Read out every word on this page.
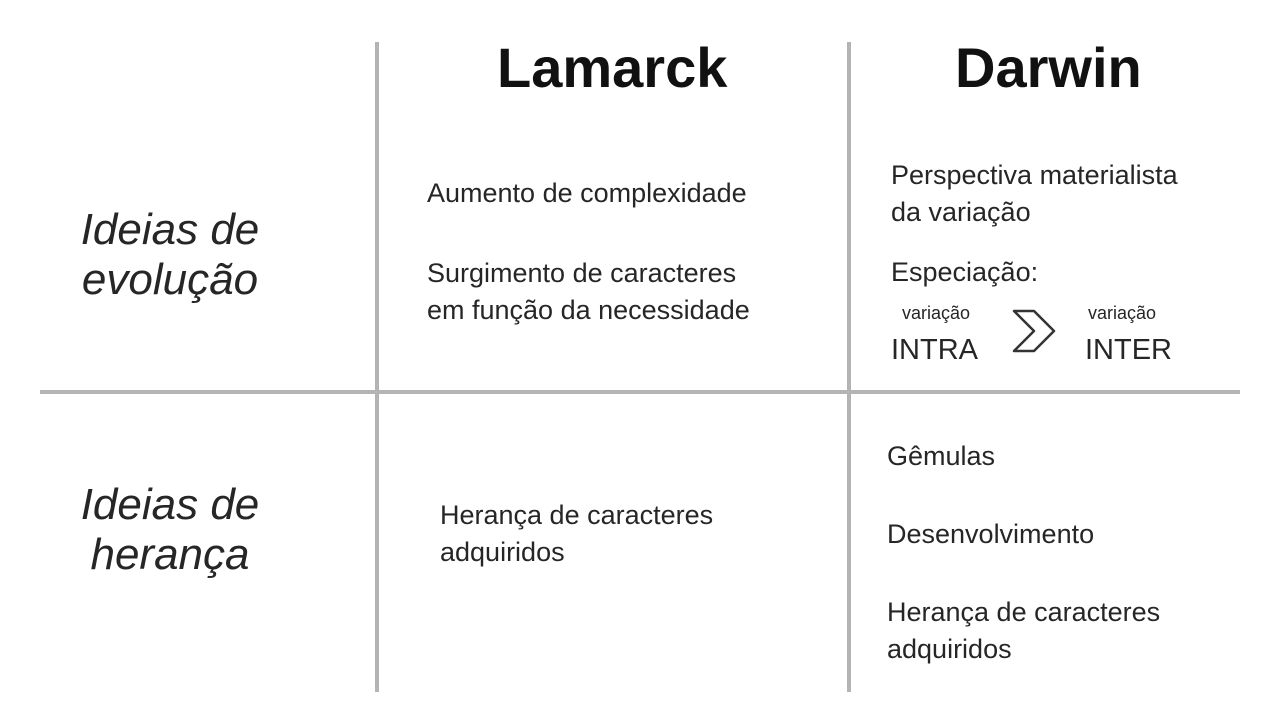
Lamarck	Darwin
Ideias de
evolução
Ideias de
herança
Aumento de complexidade
Surgimento de caracteres
em função da necessidade
Herança de caracteres
adquiridos
Perspectiva materialista
da variação
Especiação:
variação
INTRA
variação
INTER
Gêmulas
Desenvolvimento
Herança de caracteres
adquiridos
